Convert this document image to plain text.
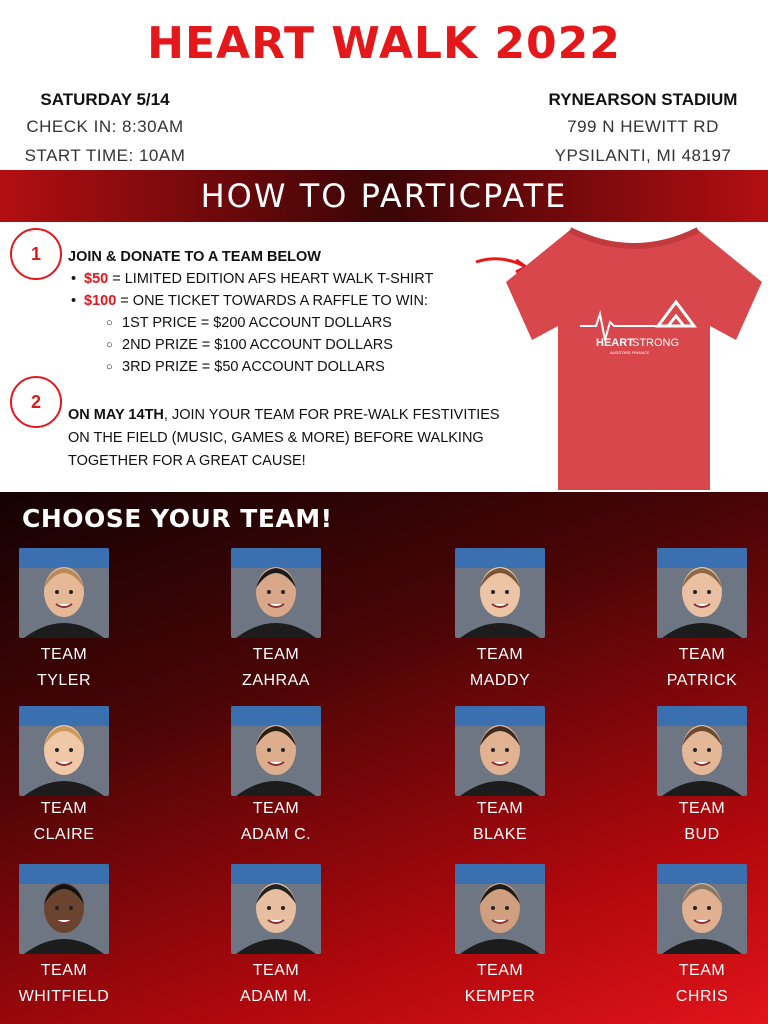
HEART WALK 2022
SATURDAY 5/14
CHECK IN: 8:30AM
START TIME: 10AM
RYNEARSON STADIUM
799 N HEWITT RD
YPSILANTI, MI 48197
HOW TO PARTICPATE
1	JOIN & DONATE TO A TEAM BELOW
• $50 = LIMITED EDITION AFS HEART WALK T-SHIRT
• $100 = ONE TICKET TOWARDS A RAFFLE TO WIN:
○ 1ST PRICE = $200 ACCOUNT DOLLARS
○ 2ND PRIZE = $100 ACCOUNT DOLLARS
○ 3RD PRIZE = $50 ACCOUNT DOLLARS
2
ON MAY 14TH, JOIN YOUR TEAM FOR PRE-WALK FESTIVITIES ON THE FIELD (MUSIC, GAMES & MORE) BEFORE WALKING TOGETHER FOR A GREAT CAUSE!
HEART
STRONG
AUDITORS FINANCE
CHOOSE YOUR TEAM!
TEAM
TYLER
TEAM
ZAHRAA
TEAM
MADDY
TEAM
PATRICK
TEAM
CLAIRE
TEAM
ADAM C.
TEAM
BLAKE
TEAM
BUD
TEAM
WHITFIELD
TEAM
ADAM M.
TEAM
KEMPER
TEAM
CHRIS
